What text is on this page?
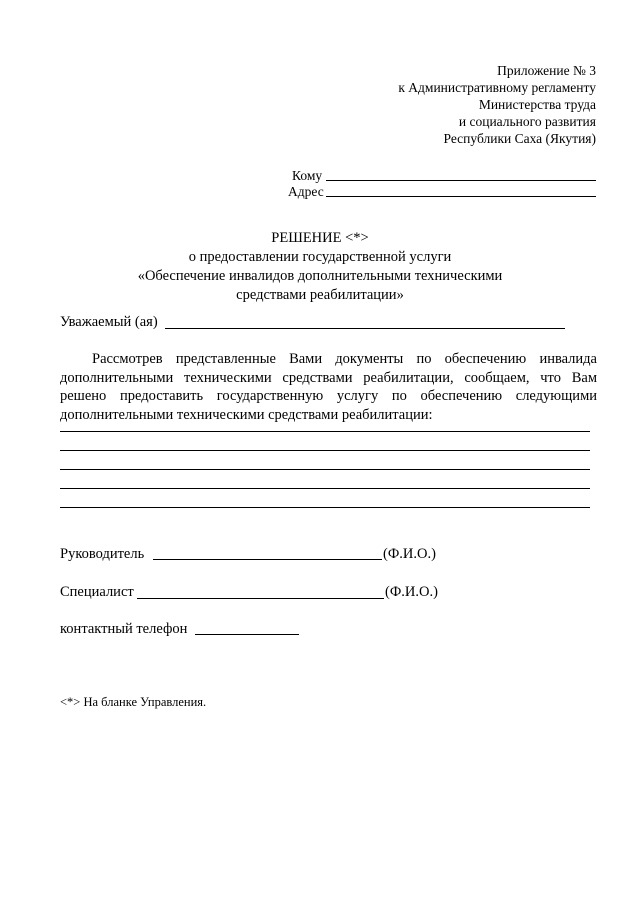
Приложение № 3
к Административному регламенту
Министерства труда
и социального развития
Республики Саха (Якутия)
Кому
Адрес
РЕШЕНИЕ <*>
о предоставлении государственной услуги
«Обеспечение инвалидов дополнительными техническими
средствами реабилитации»
Уважаемый (ая)
Рассмотрев представленные Вами документы по обеспечению инвалида дополнительными техническими средствами реабилитации, сообщаем, что Вам решено предоставить государственную услугу по обеспечению следующими дополнительными техническими средствами реабилитации:
Руководитель	(Ф.И.О.)
Специалист	(Ф.И.О.)
контактный телефон
<*> На бланке Управления.
